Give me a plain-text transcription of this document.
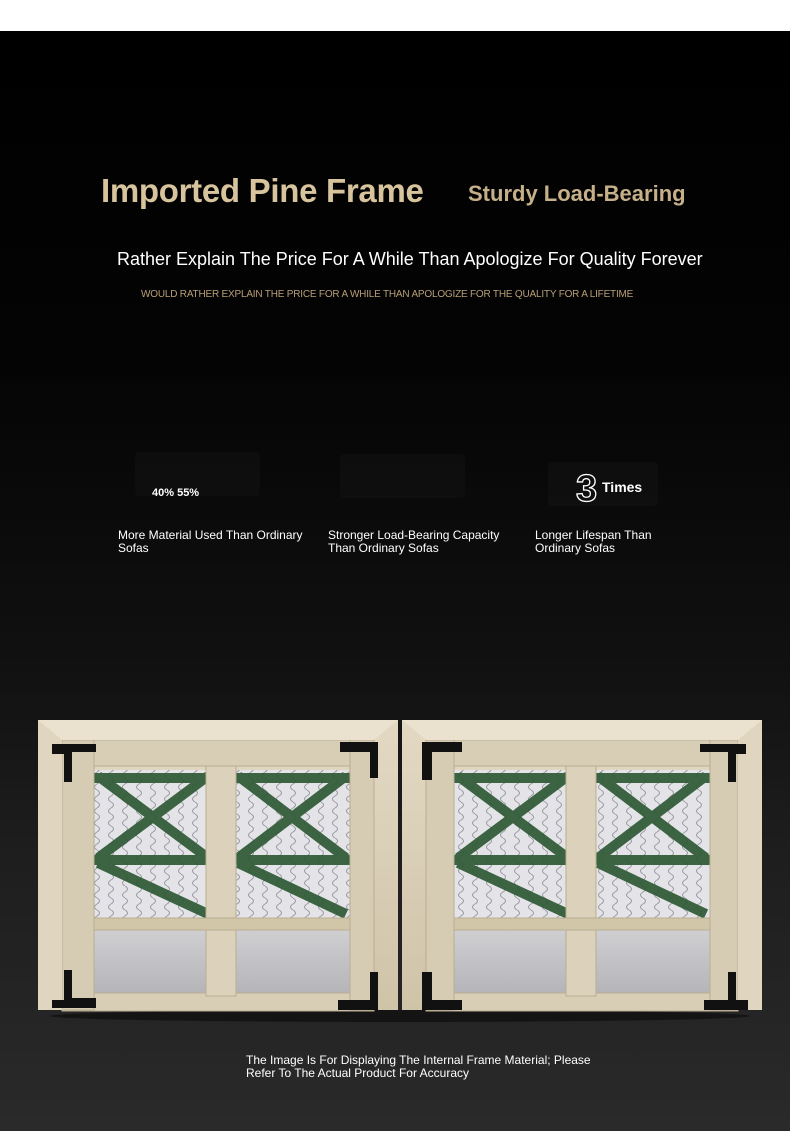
Imported Pine Frame Sturdy Load-Bearing
Rather Explain The Price For A While Than Apologize For Quality Forever
WOULD RATHER EXPLAIN THE PRICE FOR A WHILE THAN APOLOGIZE FOR THE QUALITY FOR A LIFETIME
40% 55%	3 Times
More Material Used Than Ordinary Sofas
Stronger Load-Bearing Capacity Than Ordinary Sofas
Longer Lifespan Than Ordinary Sofas
The Image Is For Displaying The Internal Frame Material; Please Refer To The Actual Product For Accuracy
